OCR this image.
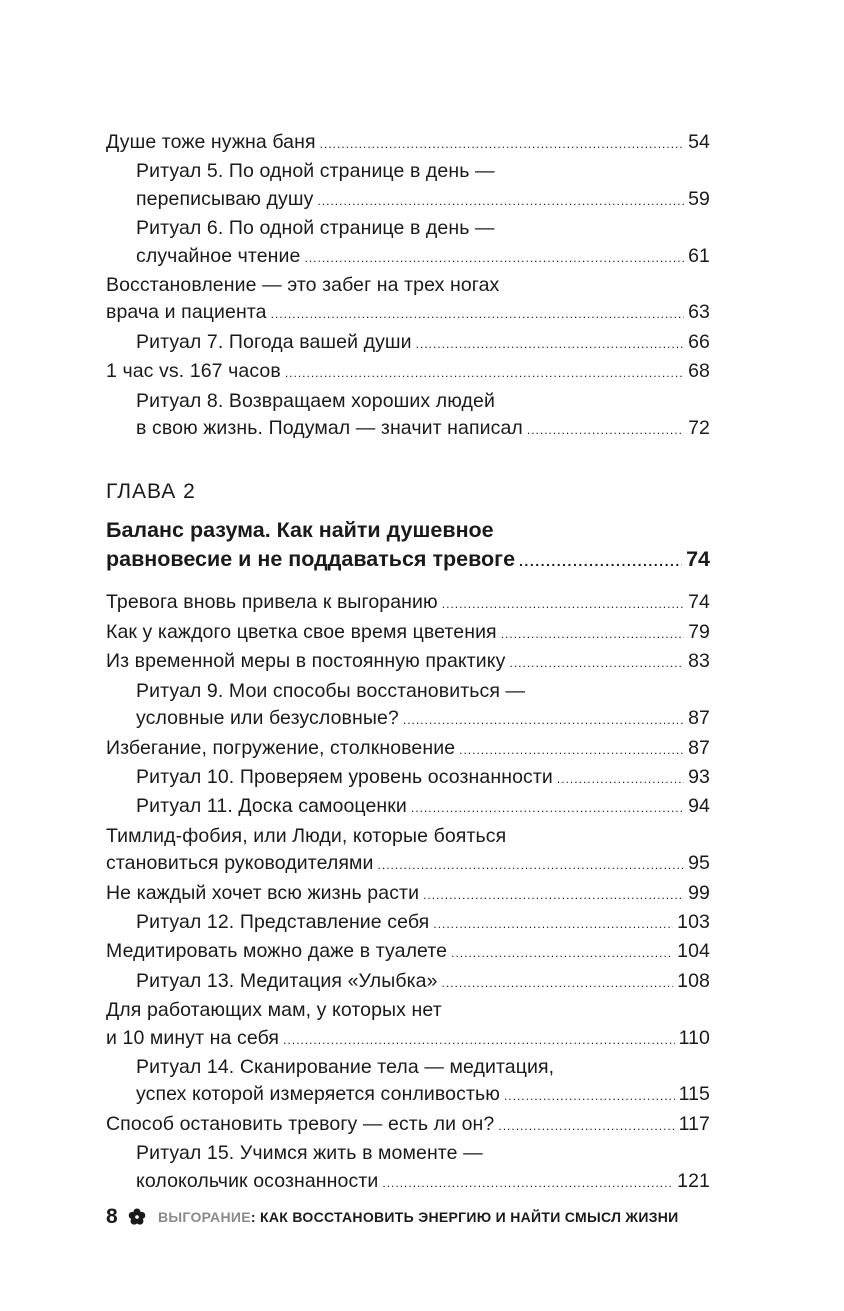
Душе тоже нужна баня .....	54
Ритуал 5. По одной странице в день —
переписываю душу .....	59
Ритуал 6. По одной странице в день —
случайное чтение .....	61
Восстановление — это забег на трех ногах
врача и пациента .....	63
Ритуал 7. Погода вашей души .....	66
1 час vs. 167 часов .....	68
Ритуал 8. Возвращаем хороших людей
в свою жизнь. Подумал — значит написал .....	72
ГЛАВА 2
Баланс разума. Как найти душевное
равновесие и не поддаваться тревоге .....	74
Тревога вновь привела к выгоранию .....	74
Как у каждого цветка свое время цветения .....	79
Из временной меры в постоянную практику .....	83
Ритуал 9. Мои способы восстановиться —
условные или безусловные? .....	87
Избегание, погружение, столкновение .....	87
Ритуал 10. Проверяем уровень осознанности .....	93
Ритуал 11. Доска самооценки .....	94
Тимлид-фобия, или Люди, которые бояться
становиться руководителями .....	95
Не каждый хочет всю жизнь расти .....	99
Ритуал 12. Представление себя .....	103
Медитировать можно даже в туалете .....	104
Ритуал 13. Медитация «Улыбка» .....	108
Для работающих мам, у которых нет
и 10 минут на себя .....	110
Ритуал 14. Сканирование тела — медитация,
успех которой измеряется сонливостью .....	115
Способ остановить тревогу — есть ли он? .....	117
Ритуал 15. Учимся жить в моменте —
колокольчик осознанности .....	121
8	ВЫГОРАНИЕ : КАК ВОССТАНОВИТЬ ЭНЕРГИЮ И НАЙТИ СМЫСЛ ЖИЗНИ
